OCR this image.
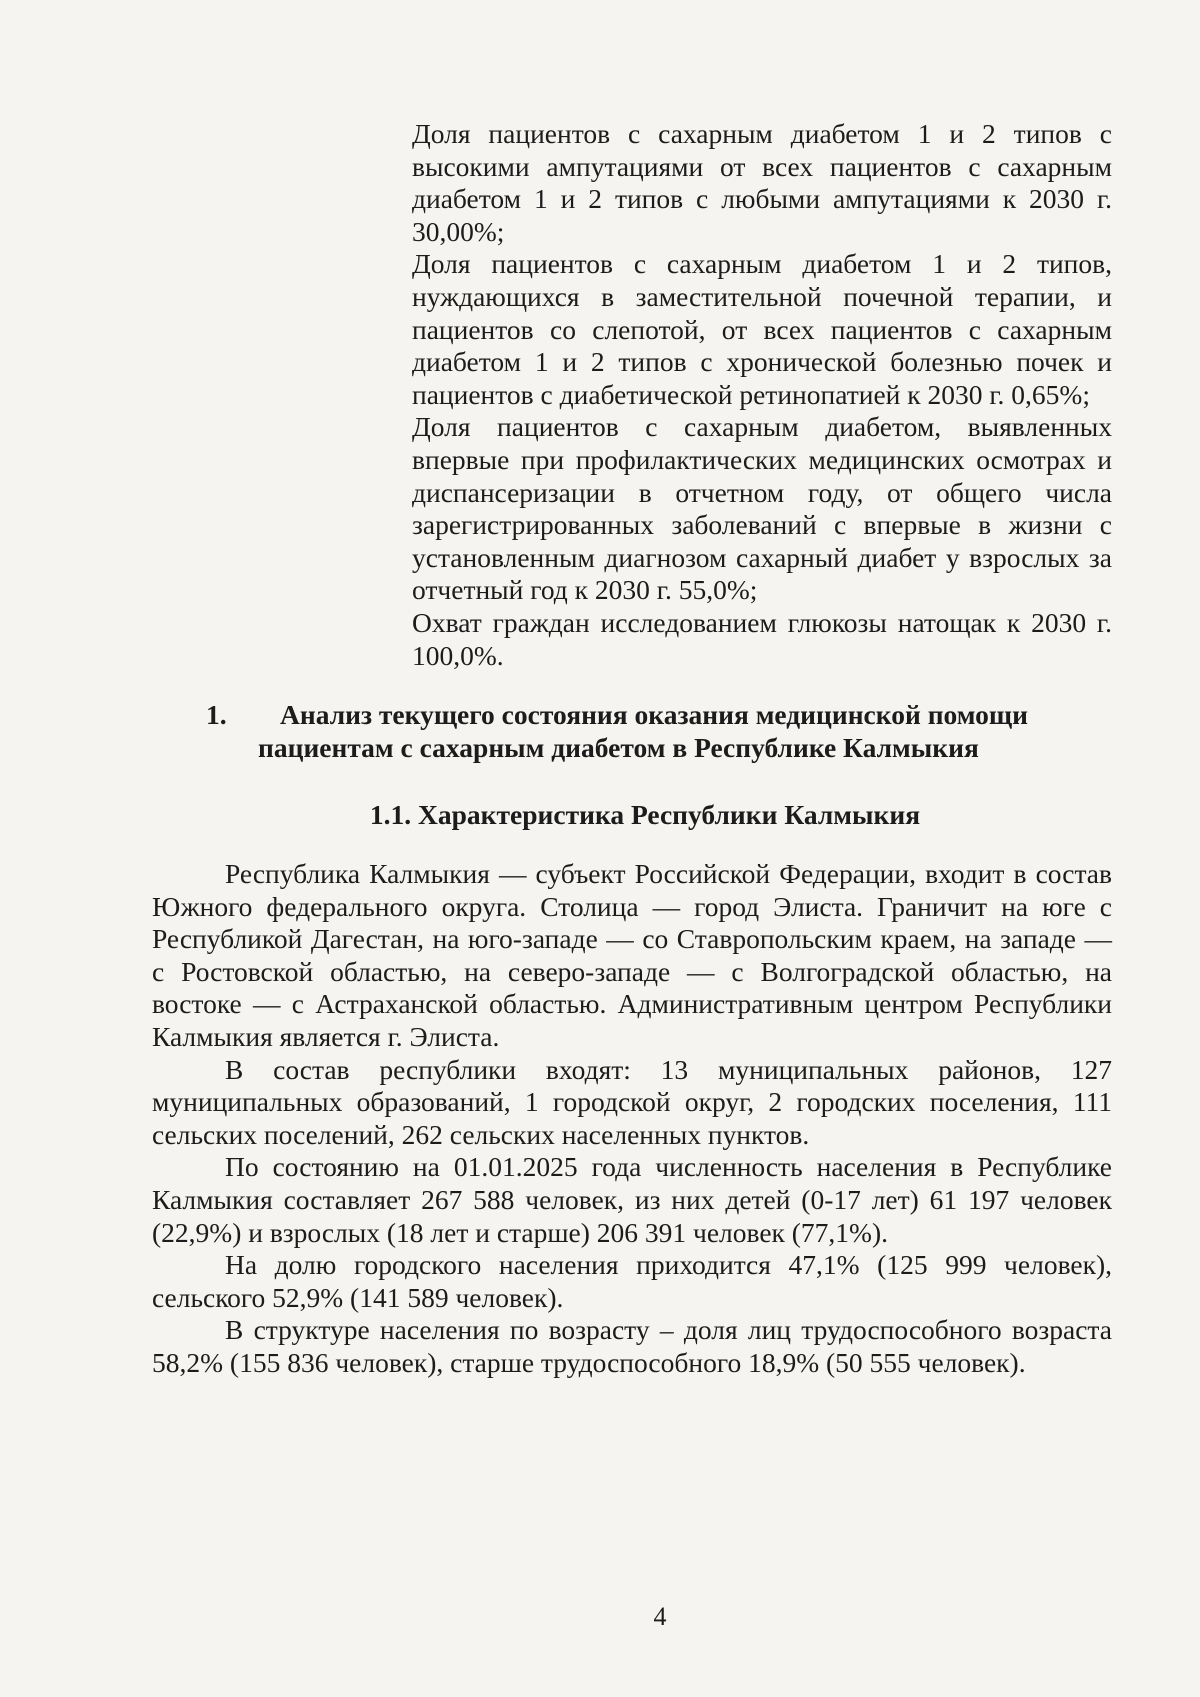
Доля пациентов с сахарным диабетом 1 и 2 типов с высокими ампутациями от всех пациентов с сахарным диабетом 1 и 2 типов с любыми ампутациями к 2030 г. 30,00%;

Доля пациентов с сахарным диабетом 1 и 2 типов, нуждающихся в заместительной почечной терапии, и пациентов со слепотой, от всех пациентов с сахарным диабетом 1 и 2 типов с хронической болезнью почек и пациентов с диабетической ретинопатией к 2030 г. 0,65%;

Доля пациентов с сахарным диабетом, выявленных впервые при профилактических медицинских осмотрах и диспансеризации в отчетном году, от общего числа зарегистрированных заболеваний с впервые в жизни с установленным диагнозом сахарный диабет у взрослых за отчетный год к 2030 г. 55,0%;

Охват граждан исследованием глюкозы натощак к 2030 г. 100,0%.

1. Анализ текущего состояния оказания медицинской помощи
пациентам с сахарным диабетом в Республике Калмыкия
1.1. Характеристика Республики Калмыкия

Республика Калмыкия — субъект Российской Федерации, входит в состав Южного федерального округа. Столица — город Элиста. Граничит на юге с Республикой Дагестан, на юго-западе — со Ставропольским краем, на западе — с Ростовской областью, на северо-западе — с Волгоградской областью, на востоке — с Астраханской областью. Административным центром Республики Калмыкия является г. Элиста.

В состав республики входят: 13 муниципальных районов, 127 муниципальных образований, 1 городской округ, 2 городских поселения, 111 сельских поселений, 262 сельских населенных пунктов.

По состоянию на 01.01.2025 года численность населения в Республике Калмыкия составляет 267 588 человек, из них детей (0-17 лет) 61 197 человек (22,9%) и взрослых (18 лет и старше) 206 391 человек (77,1%).

На долю городского населения приходится 47,1% (125 999 человек), сельского 52,9% (141 589 человек).

В структуре населения по возрасту – доля лиц трудоспособного возраста 58,2% (155 836 человек), старше трудоспособного 18,9% (50 555 человек).

4
